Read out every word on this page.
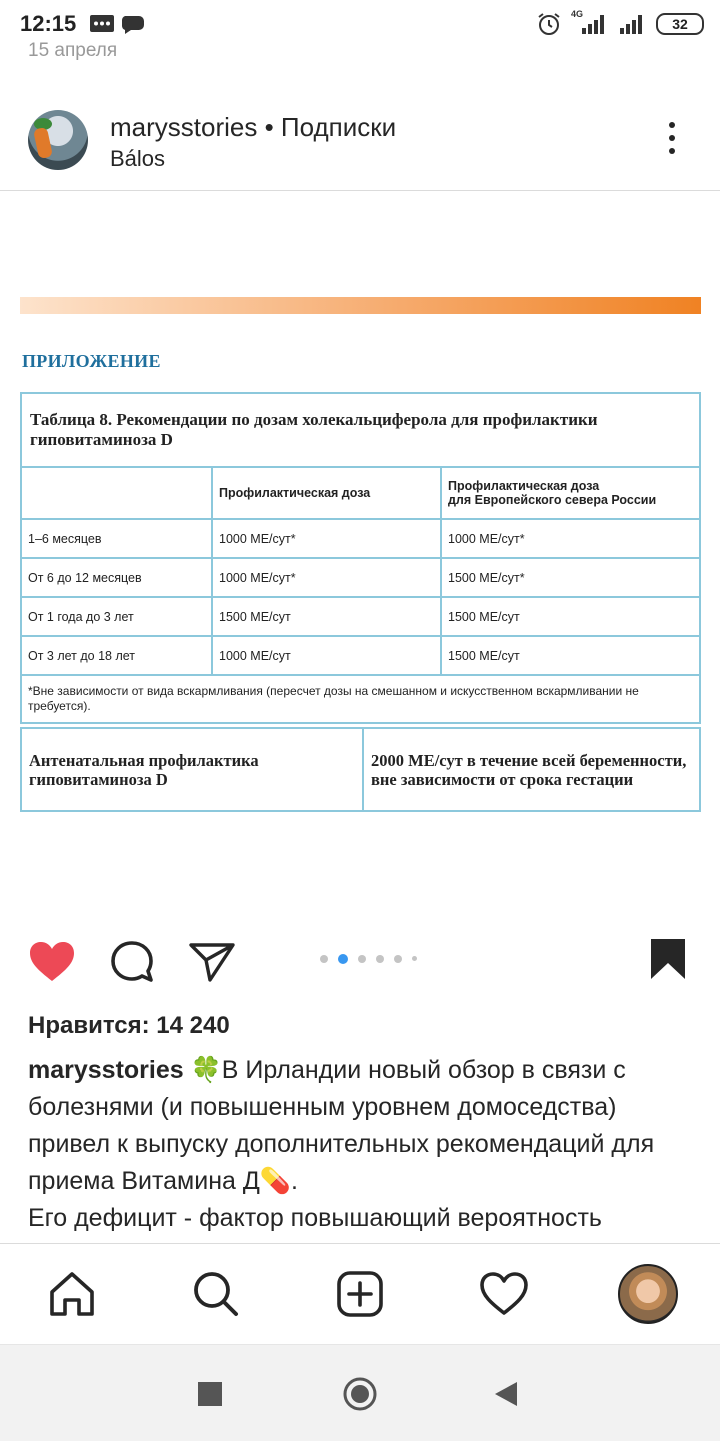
12:15	4G
32
15 апреля
marysstories • Подписки
Bálos
ПРИЛОЖЕНИЕ
Таблица 8. Рекомендации по дозам холекальциферола для профилактики гиповитаминоза D		
	Профилактическая доза	Профилактическая доза
для Европейского севера России
1–6 месяцев	1000 МЕ/сут*	1000 МЕ/сут*
От 6 до 12 месяцев	1000 МЕ/сут*	1500 МЕ/сут*
От 1 года до 3 лет	1500 МЕ/сут	1500 МЕ/сут
От 3 лет до 18 лет	1000 МЕ/сут	1500 МЕ/сут
*Вне зависимости от вида вскармливания (пересчет дозы на смешанном и искусственном вскармливании не требуется).		
Антенатальная профилактика гиповитаминоза D	2000 МЕ/сут в течение всей беременности, вне зависимости от срока гестации
Нравится: 14 240
marysstories 🍀В Ирландии новый обзор в связи с болезнями (и повышенным уровнем домоседства) привел к выпуску дополнительных рекомендаций для приема Витамина Д💊.
Его дефицит - фактор повышающий вероятность
